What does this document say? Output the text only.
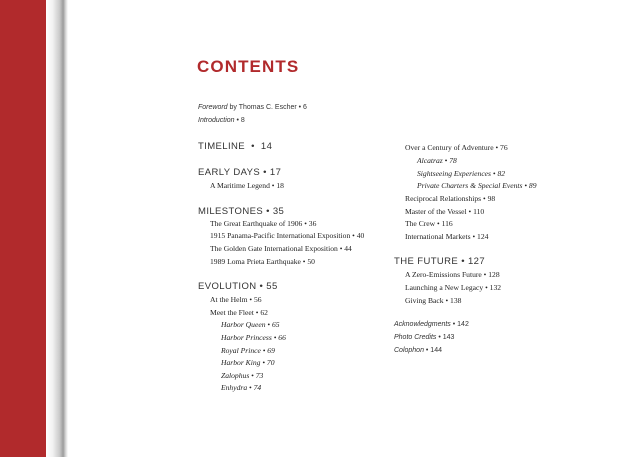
CONTENTS
Foreword by Thomas C. Escher • 6
Introduction • 8
TIMELINE  •  14
EARLY DAYS • 17
A Maritime Legend • 18
MILESTONES • 35
The Great Earthquake of 1906 • 36
1915 Panama-Pacific International Exposition • 40
The Golden Gate International Exposition • 44
1989 Loma Prieta Earthquake • 50
EVOLUTION • 55
At the Helm • 56
Meet the Fleet • 62
Harbor Queen • 65
Harbor Princess • 66
Royal Prince • 69
Harbor King • 70
Zalophus • 73
Enhydra • 74
Over a Century of Adventure • 76
Alcatraz • 78
Sightseeing Experiences • 82
Private Charters & Special Events • 89
Reciprocal Relationships • 98
Master of the Vessel • 110
The Crew • 116
International Markets • 124
THE FUTURE • 127
A Zero-Emissions Future • 128
Launching a New Legacy • 132
Giving Back • 138
Acknowledgments • 142
Photo Credits • 143
Colophon • 144
